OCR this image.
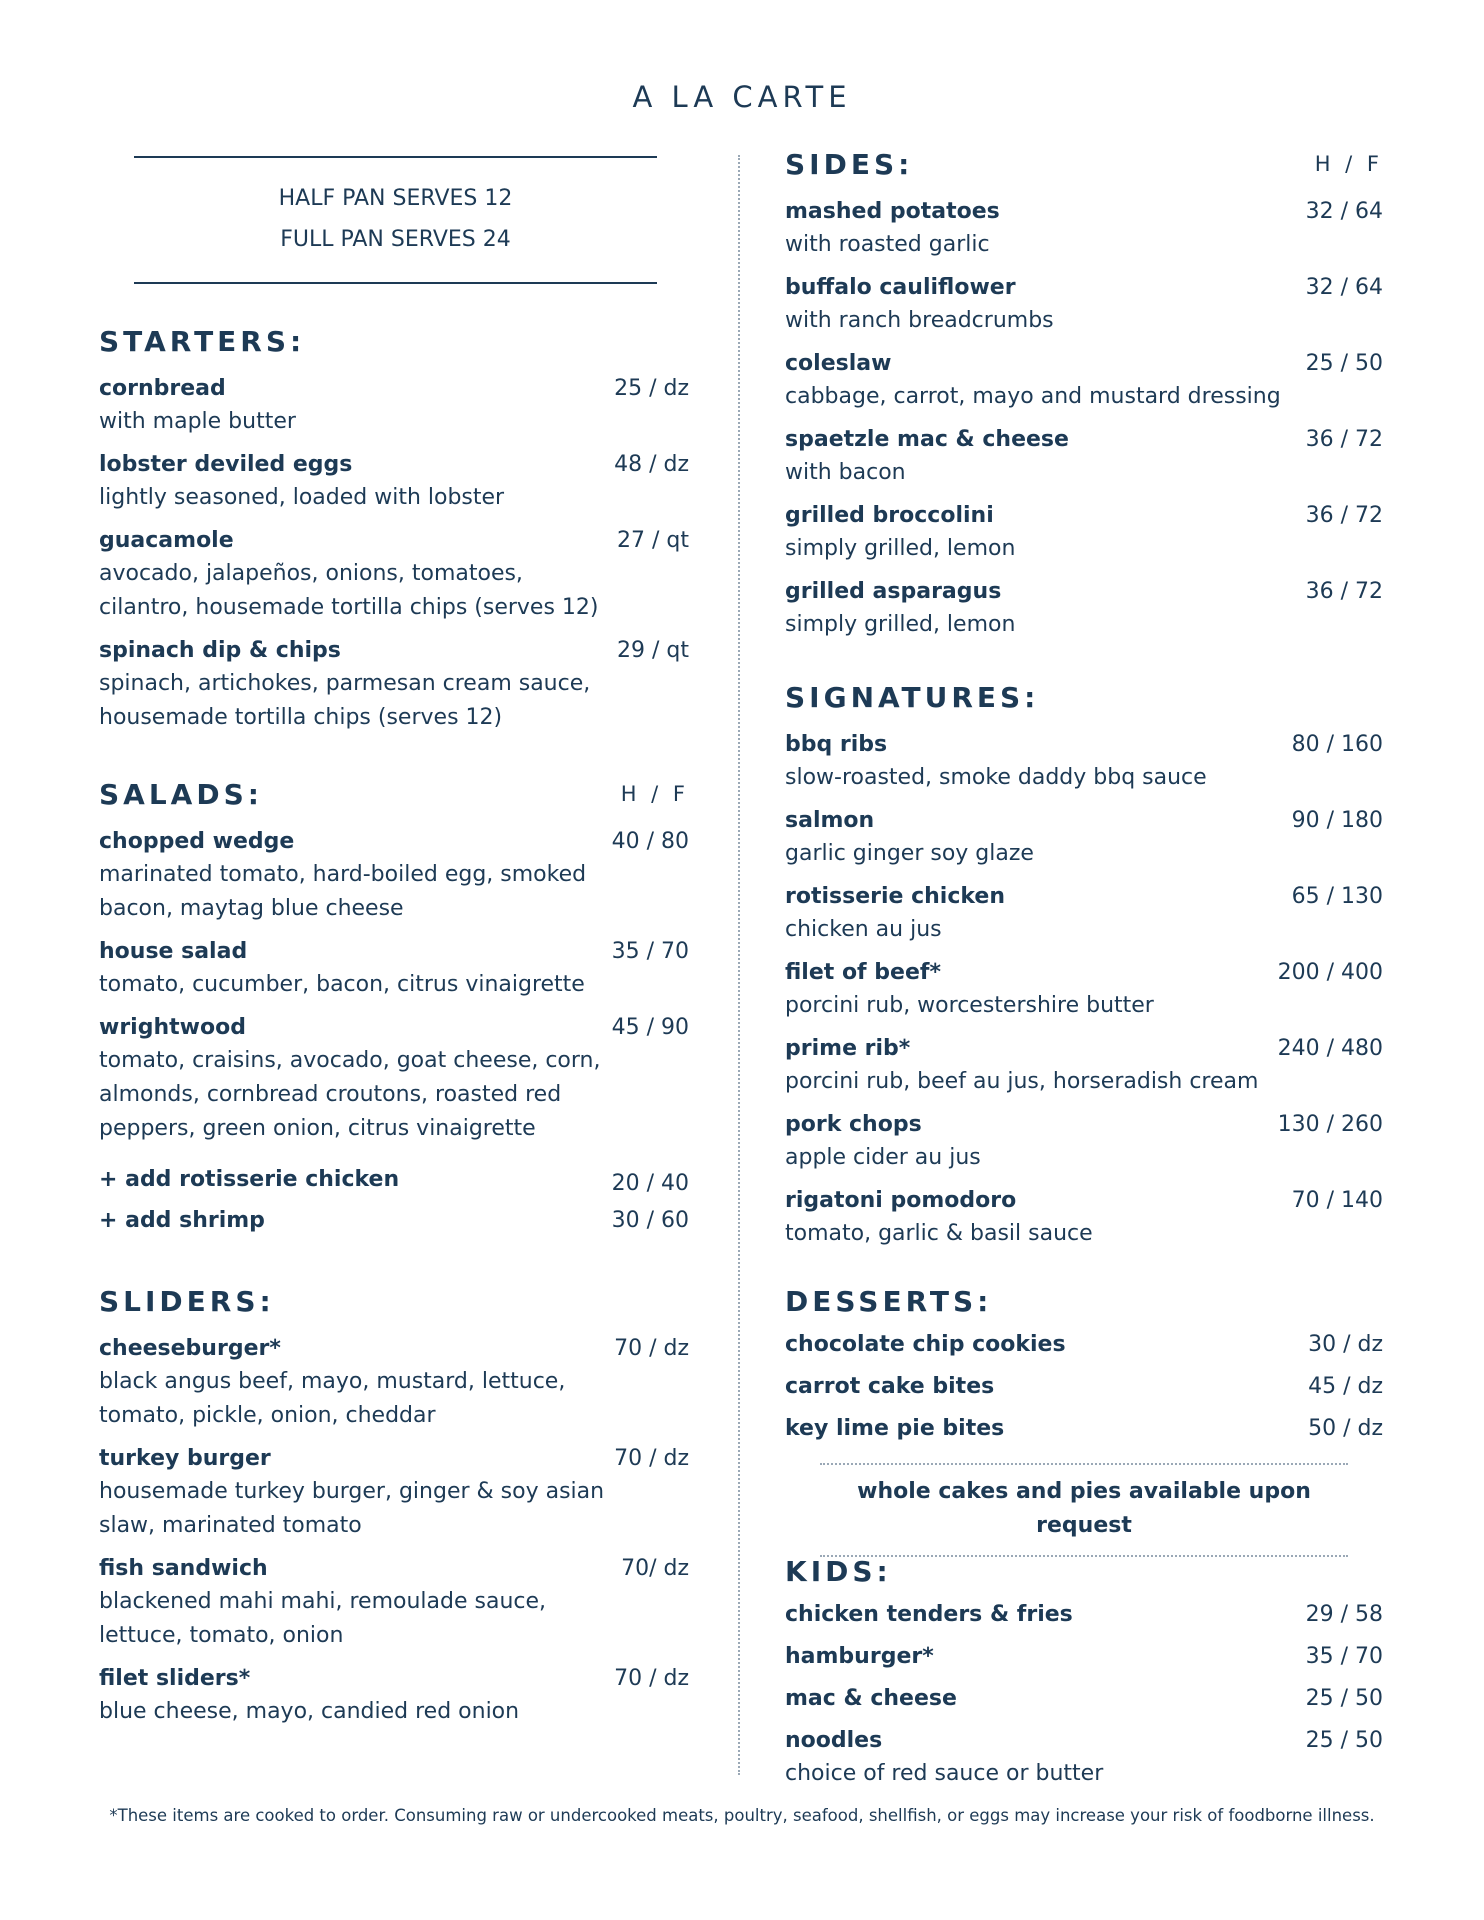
A LA CARTE
HALF PAN SERVES 12
FULL PAN SERVES 24
STARTERS:
cornbread	25 / dz
with maple butter
lobster deviled eggs	48 / dz
lightly seasoned, loaded with lobster
guacamole	27 / qt
avocado, jalapeños, onions, tomatoes, cilantro, housemade tortilla chips (serves 12)
spinach dip & chips	29 / qt
spinach, artichokes, parmesan cream sauce, housemade tortilla chips (serves 12)
SALADS:	H / F
chopped wedge	40 / 80
marinated tomato, hard-boiled egg, smoked bacon, maytag blue cheese
house salad	35 / 70
tomato, cucumber, bacon, citrus vinaigrette
wrightwood	45 / 90
tomato, craisins, avocado, goat cheese, corn, almonds, cornbread croutons, roasted red peppers, green onion, citrus vinaigrette
+ add rotisserie chicken	20 / 40
+ add shrimp	30 / 60
SLIDERS:
cheeseburger*	70 / dz
black angus beef, mayo, mustard, lettuce, tomato, pickle, onion, cheddar
turkey burger	70 / dz
housemade turkey burger, ginger & soy asian slaw, marinated tomato
fish sandwich	70/ dz
blackened mahi mahi, remoulade sauce, lettuce, tomato, onion
filet sliders*	70 / dz
blue cheese, mayo, candied red onion
SIDES:	H / F
mashed potatoes	32 / 64
with roasted garlic
buffalo cauliflower	32 / 64
with ranch breadcrumbs
coleslaw	25 / 50
cabbage, carrot, mayo and mustard dressing
spaetzle mac & cheese	36 / 72
with bacon
grilled broccolini	36 / 72
simply grilled, lemon
grilled asparagus	36 / 72
simply grilled, lemon
SIGNATURES:
bbq ribs	80 / 160
slow-roasted, smoke daddy bbq sauce
salmon	90 / 180
garlic ginger soy glaze
rotisserie chicken	65 / 130
chicken au jus
filet of beef*	200 / 400
porcini rub, worcestershire butter
prime rib*	240 / 480
porcini rub, beef au jus, horseradish cream
pork chops	130 / 260
apple cider au jus
rigatoni pomodoro	70 / 140
tomato, garlic & basil sauce
DESSERTS:
chocolate chip cookies	30 / dz
carrot cake bites	45 / dz
key lime pie bites	50 / dz
whole cakes and pies available upon request
KIDS:
chicken tenders & fries	29 / 58
hamburger*	35 / 70
mac & cheese	25 / 50
noodles	25 / 50
choice of red sauce or butter
*These items are cooked to order. Consuming raw or undercooked meats, poultry, seafood, shellfish, or eggs may increase your risk of foodborne illness.
